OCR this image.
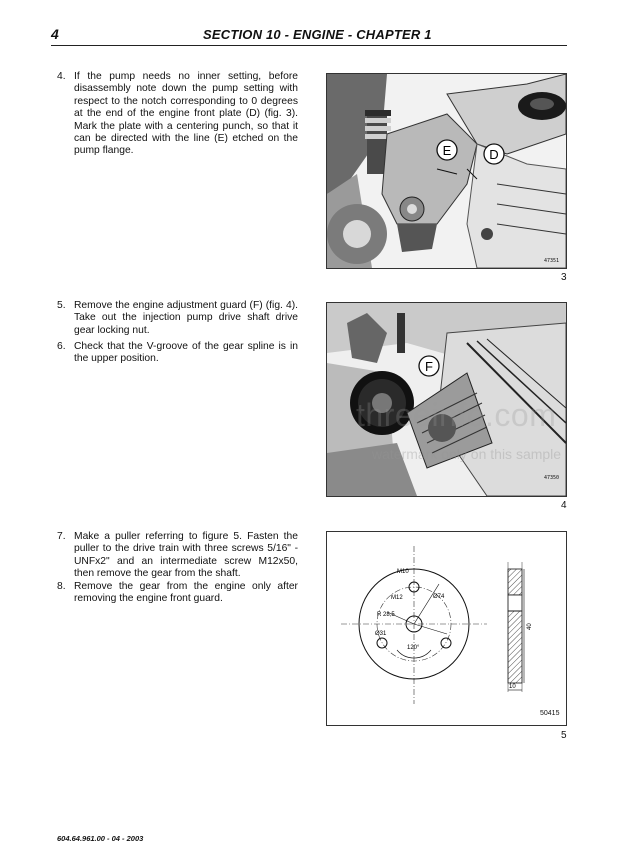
4	SECTION 10 - ENGINE - CHAPTER 1
4. If the pump needs no inner setting, before disassembly note down the pump setting with respect to the notch corresponding to 0 degrees at the end of the engine front plate (D) (fig. 3). Mark the plate with a centering punch, so that it can be directed with the line (E) etched on the pump flange.	E	D
47351
3
5. Remove the engine adjustment guard (F) (fig. 4). Take out the injection pump drive shaft drive gear locking nut.
6. Check that the V-groove of the gear spline is in the upper position.
F
47350
4
threeinfo.com
watermark only on this sample
7. Make a puller referring to figure 5. Fasten the puller to the drive train with three screws 5/16" - UNFx2" and an intermediate screw M12x50, then remove the gear from the shaft.
8. Remove the gear from the engine only after removing the engine front guard.
M10
M12	Ø74
R 28,5
Ø31
120°
10
40
50415
5
604.64.961.00 - 04 - 2003
